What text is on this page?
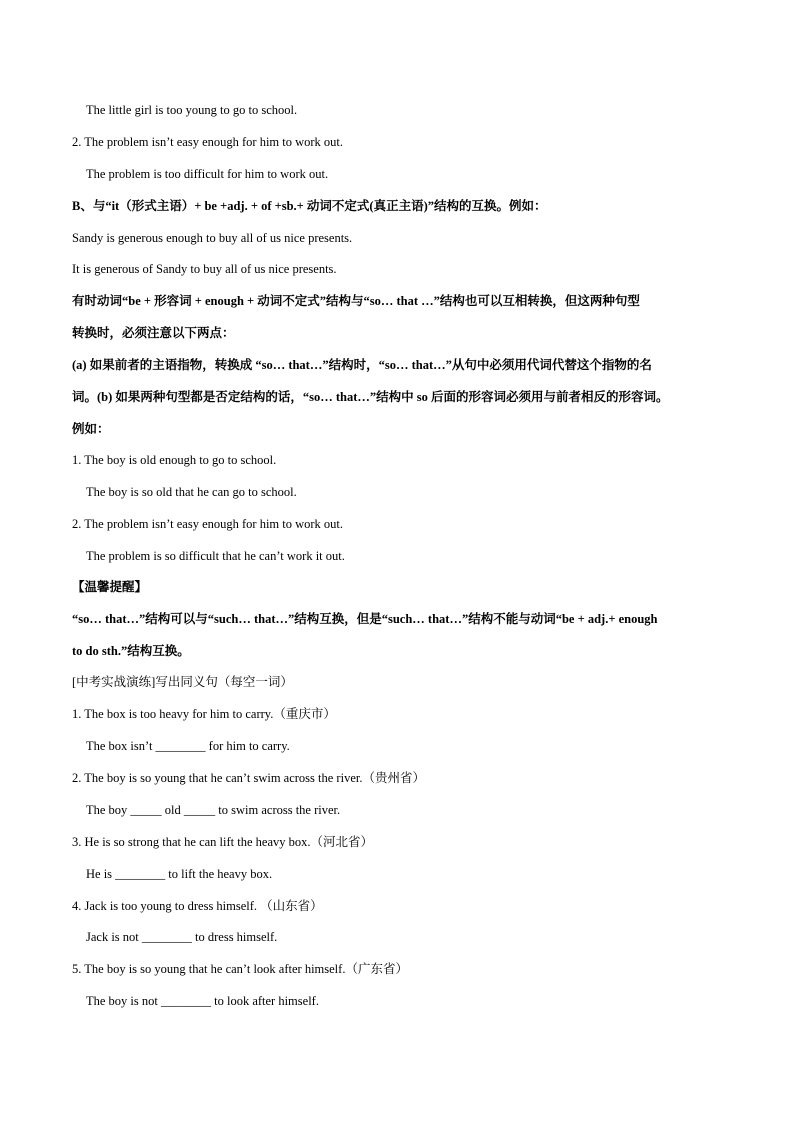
The little girl is too young to go to school.
2. The problem isn’t easy enough for him to work out.
The problem is too difficult for him to work out.
B、与“it（形式主语）+ be +adj. + of +sb.+ 动词不定式(真正主语)”结构的互换。例如：
Sandy is generous enough to buy all of us nice presents.
It is generous of Sandy to buy all of us nice presents.
有时动词“be + 形容词 + enough + 动词不定式”结构与“so… that …”结构也可以互相转换，但这两种句型
转换时，必须注意以下两点：
(a) 如果前者的主语指物，转换成 “so… that…”结构时，“so… that…”从句中必须用代词代替这个指物的名
词。(b) 如果两种句型都是否定结构的话，“so… that…”结构中 so 后面的形容词必须用与前者相反的形容词。
例如：
1. The boy is old enough to go to school.
The boy is so old that he can go to school.
2. The problem isn’t easy enough for him to work out.
The problem is so difficult that he can’t work it out.
【温馨提醒】
“so… that…”结构可以与“such… that…”结构互换，但是“such… that…”结构不能与动词“be + adj.+ enough
to do sth.”结构互换。
[中考实战演练]写出同义句（每空一词）
1. The box is too heavy for him to carry.（重庆市）
The box isn’t ________ for him to carry.
2. The boy is so young that he can’t swim across the river.（贵州省）
The boy _____ old _____ to swim across the river.
3. He is so strong that he can lift the heavy box.（河北省）
He is ________ to lift the heavy box.
4. Jack is too young to dress himself. （山东省）
Jack is not ________ to dress himself.
5. The boy is so young that he can’t look after himself.（广东省）
The boy is not ________ to look after himself.
